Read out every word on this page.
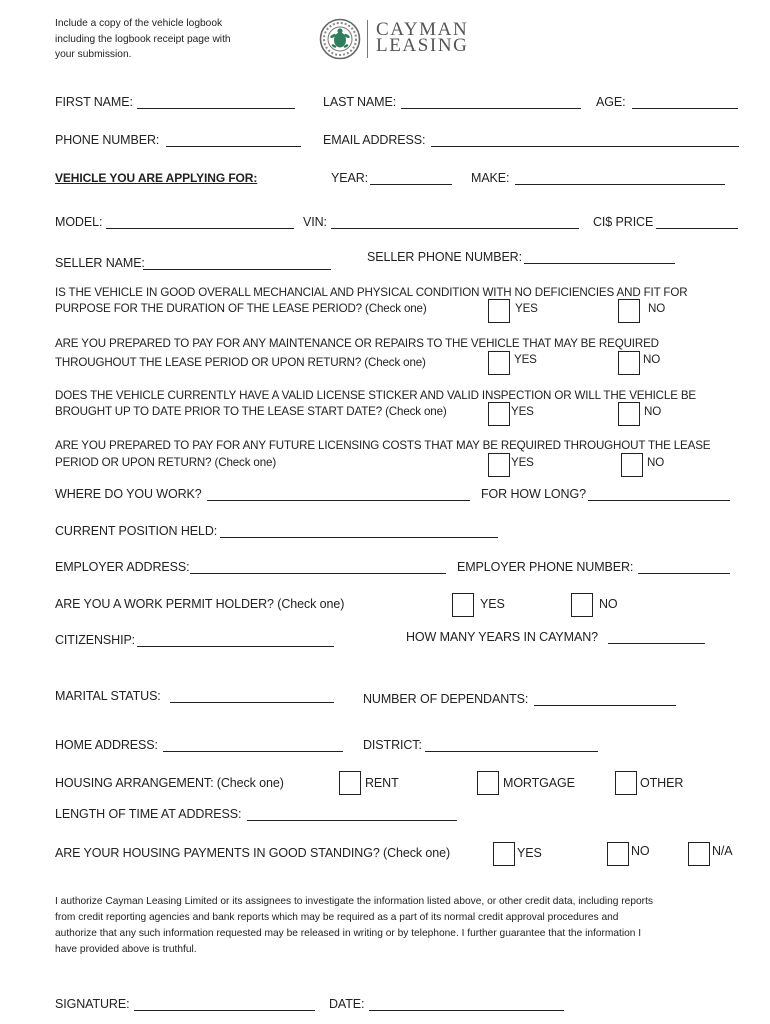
Include a copy of the vehicle logbook
including the logbook receipt page with
your submission.
CAYMAN
LEASING
FIRST NAME:	LAST NAME:	AGE:
PHONE NUMBER:	EMAIL ADDRESS:
VEHICLE YOU ARE APPLYING FOR:	YEAR:	MAKE:
MODEL:	VIN:	CI$ PRICE
SELLER NAME:	SELLER PHONE NUMBER:
IS THE VEHICLE IN GOOD OVERALL MECHANCIAL AND PHYSICAL CONDITION WITH NO DEFICIENCIES AND FIT FOR
PURPOSE FOR THE DURATION OF THE LEASE PERIOD? (Check one)	YES	NO
ARE YOU PREPARED TO PAY FOR ANY MAINTENANCE OR REPAIRS TO THE VEHICLE THAT MAY BE REQUIRED
THROUGHOUT THE LEASE PERIOD OR UPON RETURN? (Check one)	YES	NO
DOES THE VEHICLE CURRENTLY HAVE A VALID LICENSE STICKER AND VALID INSPECTION OR WILL THE VEHICLE BE
BROUGHT UP TO DATE PRIOR TO THE LEASE START DATE? (Check one)	YES	NO
ARE YOU PREPARED TO PAY FOR ANY FUTURE LICENSING COSTS THAT MAY BE REQUIRED THROUGHOUT THE LEASE
PERIOD OR UPON RETURN? (Check one)	YES	NO
WHERE DO YOU WORK?	FOR HOW LONG?
CURRENT POSITION HELD:
EMPLOYER ADDRESS:	EMPLOYER PHONE NUMBER:
ARE YOU A WORK PERMIT HOLDER? (Check one)	YES	NO
CITIZENSHIP:	HOW MANY YEARS IN CAYMAN?
MARITAL STATUS:	NUMBER OF DEPENDANTS:
HOME ADDRESS:	DISTRICT:
HOUSING ARRANGEMENT: (Check one)	RENT	MORTGAGE	OTHER
LENGTH OF TIME AT ADDRESS:
ARE YOUR HOUSING PAYMENTS IN GOOD STANDING? (Check one)	YES	NO	N/A
I authorize Cayman Leasing Limited or its assignees to investigate the information listed above, or other credit data, including reports
from credit reporting agencies and bank reports which may be required as a part of its normal credit approval procedures and
authorize that any such information requested may be released in writing or by telephone. I further guarantee that the information I
have provided above is truthful.
SIGNATURE:	DATE:
